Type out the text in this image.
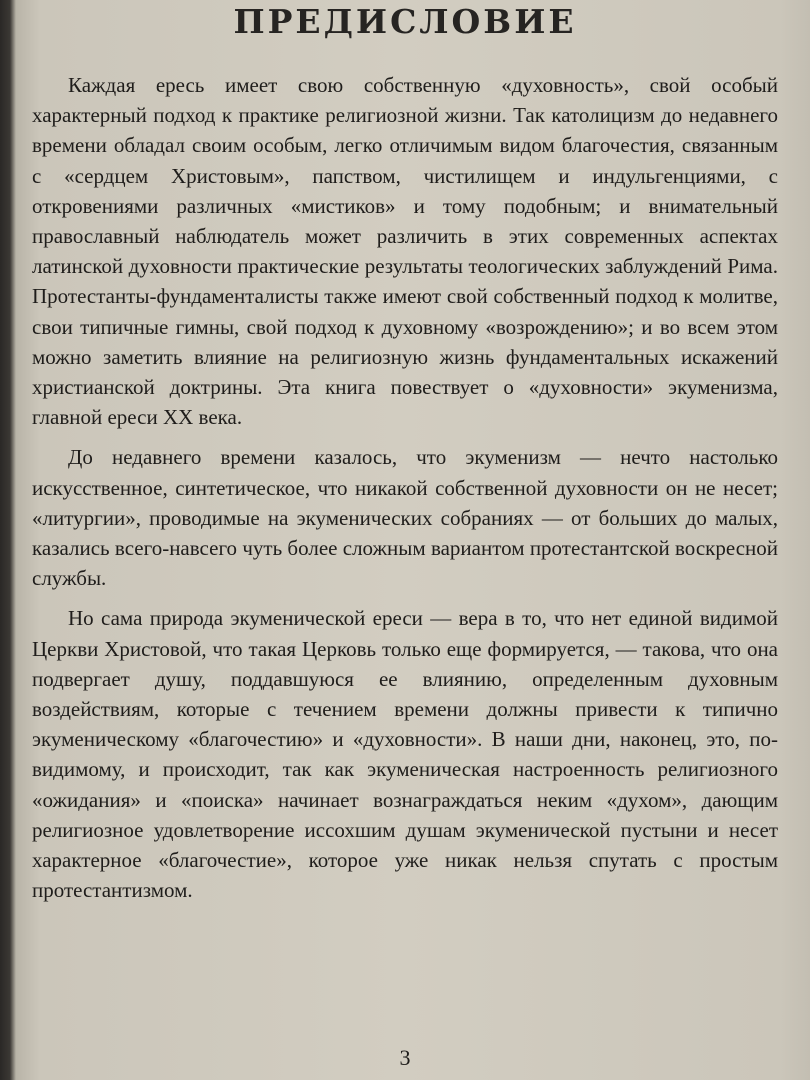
ПРЕДИСЛОВИЕ

Каждая ересь имеет свою собственную «духовность», свой особый характерный подход к практике религиозной жизни. Так католицизм до недавнего времени обладал своим особым, легко отличимым видом благочестия, связанным с «сердцем Христовым», папством, чистилищем и индульгенциями, с откровениями различных «мистиков» и тому подобным; и внимательный православный наблюдатель может различить в этих современных аспектах латинской духовности практические результаты теологических заблуждений Рима. Протестанты-фундаменталисты также имеют свой собственный подход к молитве, свои типичные гимны, свой подход к духовному «возрождению»; и во всем этом можно заметить влияние на религиозную жизнь фундаментальных искажений христианской доктрины. Эта книга повествует о «духовности» экуменизма, главной ереси XX века.

До недавнего времени казалось, что экуменизм — нечто настолько искусственное, синтетическое, что никакой собственной духовности он не несет; «литургии», проводимые на экуменических собраниях — от больших до малых, казались всего-навсего чуть более сложным вариантом протестантской воскресной службы.

Но сама природа экуменической ереси — вера в то, что нет единой видимой Церкви Христовой, что такая Церковь только еще формируется, — такова, что она подвергает душу, поддавшуюся ее влиянию, определенным духовным воздействиям, которые с течением времени должны привести к типично экуменическому «благочестию» и «духовности». В наши дни, наконец, это, по-видимому, и происходит, так как экуменическая настроенность религиозного «ожидания» и «поиска» начинает вознаграждаться неким «духом», дающим религиозное удовлетворение иссохшим душам экуменической пустыни и несет характерное «благочестие», которое уже никак нельзя спутать с простым протестантизмом.

3
